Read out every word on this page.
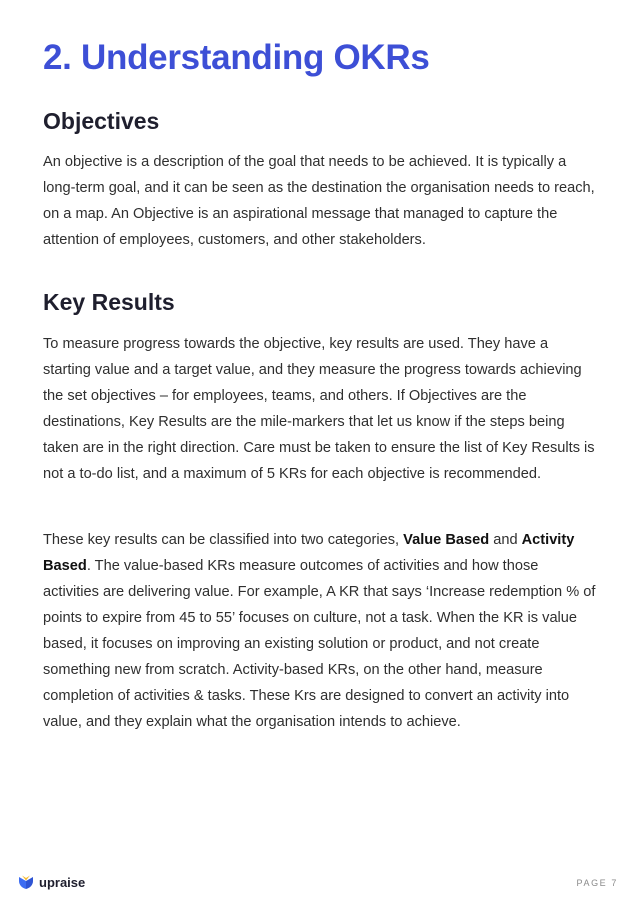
2. Understanding OKRs
Objectives

An objective is a description of the goal that needs to be achieved. It is typically a long-term goal, and it can be seen as the destination the organisation needs to reach, on a map. An Objective is an aspirational message that managed to capture the attention of employees, customers, and other stakeholders.

Key Results

To measure progress towards the objective, key results are used. They have a starting value and a target value, and they measure the progress towards achieving the set objectives – for employees, teams, and others. If Objectives are the destinations, Key Results are the mile-markers that let us know if the steps being taken are in the right direction. Care must be taken to ensure the list of Key Results is not a to-do list, and a maximum of 5 KRs for each objective is recommended.

These key results can be classified into two categories, Value Based and Activity Based. The value-based KRs measure outcomes of activities and how those activities are delivering value. For example, A KR that says ‘Increase redemption % of points to expire from 45 to 55’ focuses on culture, not a task. When the KR is value based, it focuses on improving an existing solution or product, and not create something new from scratch. Activity-based KRs, on the other hand, measure completion of activities & tasks. These Krs are designed to convert an activity into value, and they explain what the organisation intends to achieve.

upraise	PAGE 7
